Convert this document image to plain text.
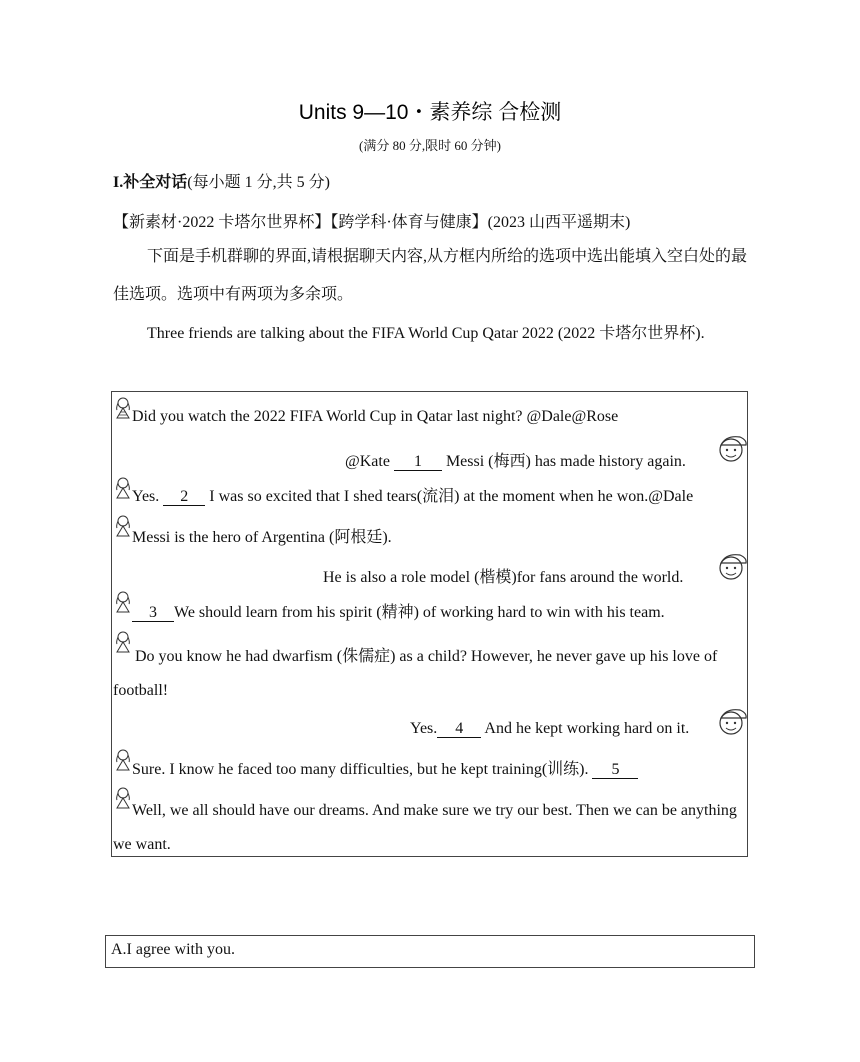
Units 9—10・素养综 合检测
(满分 80 分,限时 60 分钟)
I.补全对话(每小题 1 分,共 5 分)
【新素材·2022 卡塔尔世界杯】【跨学科·体育与健康】(2023 山西平遥期末)
下面是手机群聊的界面,请根据聊天内容,从方框内所给的选项中选出能填入空白处的最佳选项。选项中有两项为多余项。
Three friends are talking about the FIFA World Cup Qatar 2022 (2022 卡塔尔世界杯).
Did you watch the 2022 FIFA World Cup in Qatar last night? @Dale@Rose
@Kate 1 Messi (梅西) has made history again.
Yes. 2 I was so excited that I shed tears(流泪) at the moment when he won.@Dale
Messi is the hero of Argentina (阿根廷).
He is also a role model (楷模)for fans around the world.
3 We should learn from his spirit (精神) of working hard to win with his team.
Do you know he had dwarfism (侏儒症) as a child? However, he never gave up his love of football!
Yes. 4 And he kept working hard on it.
Sure. I know he faced too many difficulties, but he kept training(训练). 5
Well, we all should have our dreams. And make sure we try our best. Then we can be anything we want.
A.I agree with you.
